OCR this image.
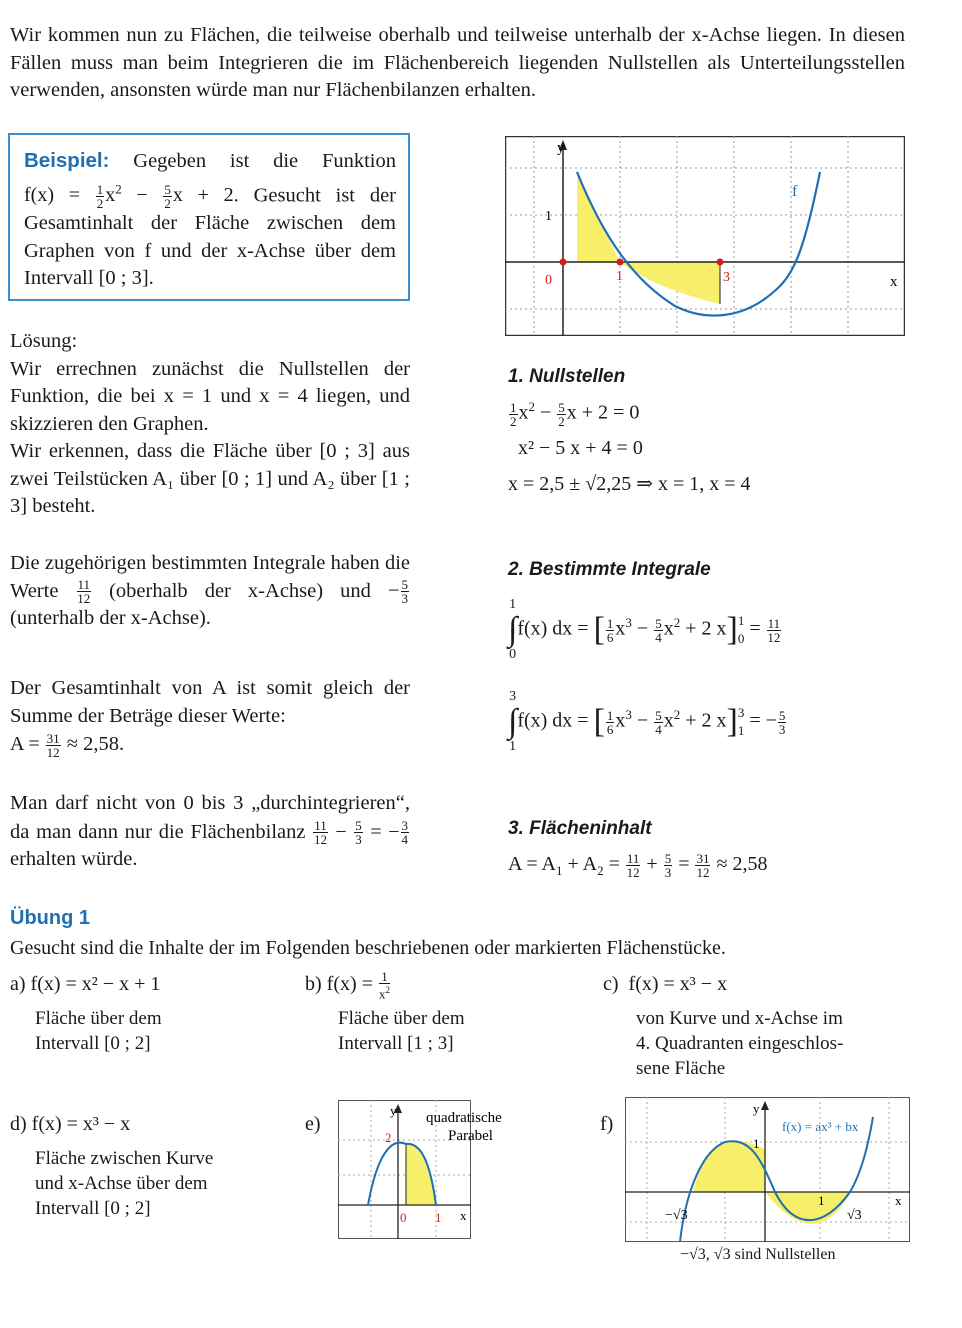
Wir kommen nun zu Flächen, die teilweise oberhalb und teilweise unterhalb der x-Achse liegen. In diesen Fällen muss man beim Integrieren die im Flächenbereich liegenden Nullstellen als Unterteilungsstellen verwenden, ansonsten würde man nur Flächenbilanzen erhalten.
Beispiel: Gegeben ist die Funktion $f(x) = \frac{1}{2} x^2 - \frac{5}{2}$ x + 2. Gesucht ist der Gesamtinhalt der Fläche zwischen dem Graphen von f und der x-Achse über dem Intervall [0 ; 3].
y
x
f
1
0	1	3
Lösung:
Wir errechnen zunächst die Nullstellen der Funktion, die bei x = 1 und x = 4 liegen, und skizzieren den Graphen.
Wir erkennen, dass die Fläche über [0 ; 3] aus zwei Teilstücken A₁ über [0 ; 1] und A₂ über [1 ; 3] besteht.
Die zugehörigen bestimmten Integrale haben die Werte $\frac{11}{12}$ (oberhalb der x-Achse) und − $\frac{5}{3}$
(unterhalb der x-Achse).
Der Gesamtinhalt von A ist somit gleich der Summe der Beträge dieser Werte:
$A = \frac{31}{12} \approx 2,58$.
Man darf nicht von 0 bis 3 „durchintegrieren“, da man dann nur die Flächenbilanz $\frac{11}{12} - \frac{5}{3}$ = − $\frac{3}{4}$
erhalten würde.
1. Nullstellen
$\frac{1}{2} x^2 - \frac{5}{2}$ x + 2 = 0
x² − 5 x + 4 = 0
x = 2,5 ± √2,25 ⇒ x = 1, x = 4
2. Bestimmte Integrale
1
∫
0
f(x) dx = [ $\frac{1}{6} x^3 - \frac{5}{4} x^2 + 2$ x] 1
$0 = \frac{11}{12}$
3
∫
1
f(x) dx = [ $\frac{1}{6} x^3 - \frac{5}{4} x^2 + 2$ x] 3
1 = − $\frac{5}{3}$
3. Flächeninhalt
$A = A_1 + A_2 = \frac{11}{12} + \frac{5}{3} = \frac{31}{12} \approx 2,58$
Übung 1
Gesucht sind die Inhalte der im Folgenden beschriebenen oder markierten Flächenstücke.
a) f(x) = x² − x + 1
Fläche über dem
Intervall [0 ; 2]
b) $f(x) = \frac{1}{x^2}$
Fläche über dem
Intervall [1 ; 3]
c) f(x) = x³ − x
von Kurve und x-Achse im
4. Quadranten eingeschlos-
sene Fläche
d) f(x) = x³ − x
Fläche zwischen Kurve
und x-Achse über dem
Intervall [0 ; 2]
e)
y
2
0 1 x
quadratische
Parabel
f)
y
f(x) = ax³ + bx
1
1	x
−√3	√3
−√3, √3 sind Nullstellen
